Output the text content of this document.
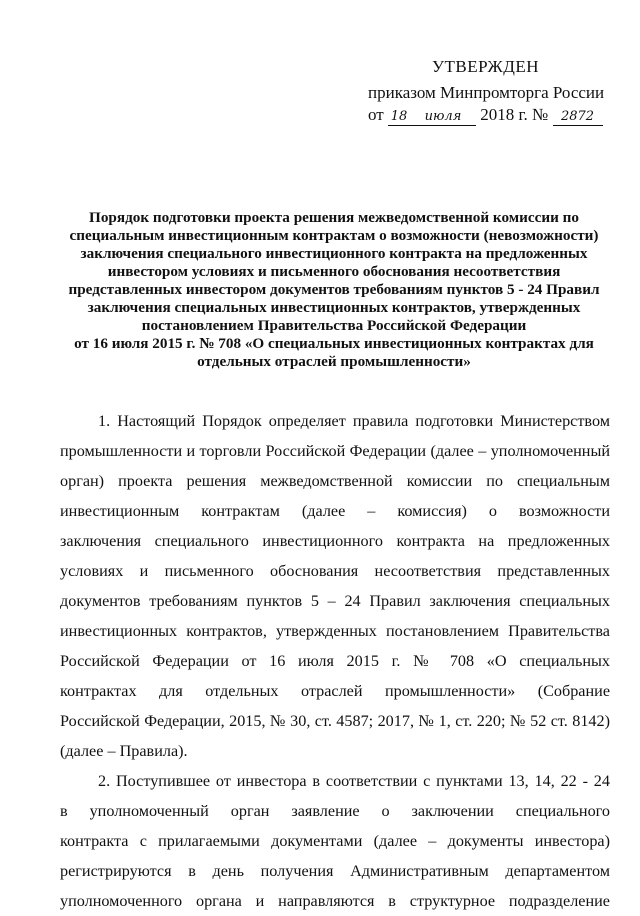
УТВЕРЖДЕН
приказом Минпромторга России
от 18 июля 2018 г. № 2872
Порядок подготовки проекта решения межведомственной комиссии по
специальным инвестиционным контрактам о возможности (невозможности)
заключения специального инвестиционного контракта на предложенных
инвестором условиях и письменного обоснования несоответствия
представленных инвестором документов требованиям пунктов 5 - 24 Правил
заключения специальных инвестиционных контрактов, утвержденных
постановлением Правительства Российской Федерации
от 16 июля 2015 г. № 708 «О специальных инвестиционных контрактах для
отдельных отраслей промышленности»
1. Настоящий Порядок определяет правила подготовки Министерством
промышленности и торговли Российской Федерации (далее – уполномоченный
орган) проекта решения межведомственной комиссии по специальным
инвестиционным контрактам (далее – комиссия) о возможности
заключения специального инвестиционного контракта на предложенных
условиях и письменного обоснования несоответствия представленных
документов требованиям пунктов 5 – 24 Правил заключения специальных
инвестиционных контрактов, утвержденных постановлением Правительства
Российской Федерации от 16 июля 2015 г. № 708 «О специальных
контрактах для отдельных отраслей промышленности» (Собрание
Российской Федерации, 2015, № 30, ст. 4587; 2017, № 1, ст. 220; № 52 ст. 8142)
(далее – Правила).
2. Поступившее от инвестора в соответствии с пунктами 13, 14, 22 - 24
в уполномоченный орган заявление о заключении специального
контракта с прилагаемыми документами (далее – документы инвестора)
регистрируются в день получения Административным департаментом
уполномоченного органа и направляются в структурное подразделение
